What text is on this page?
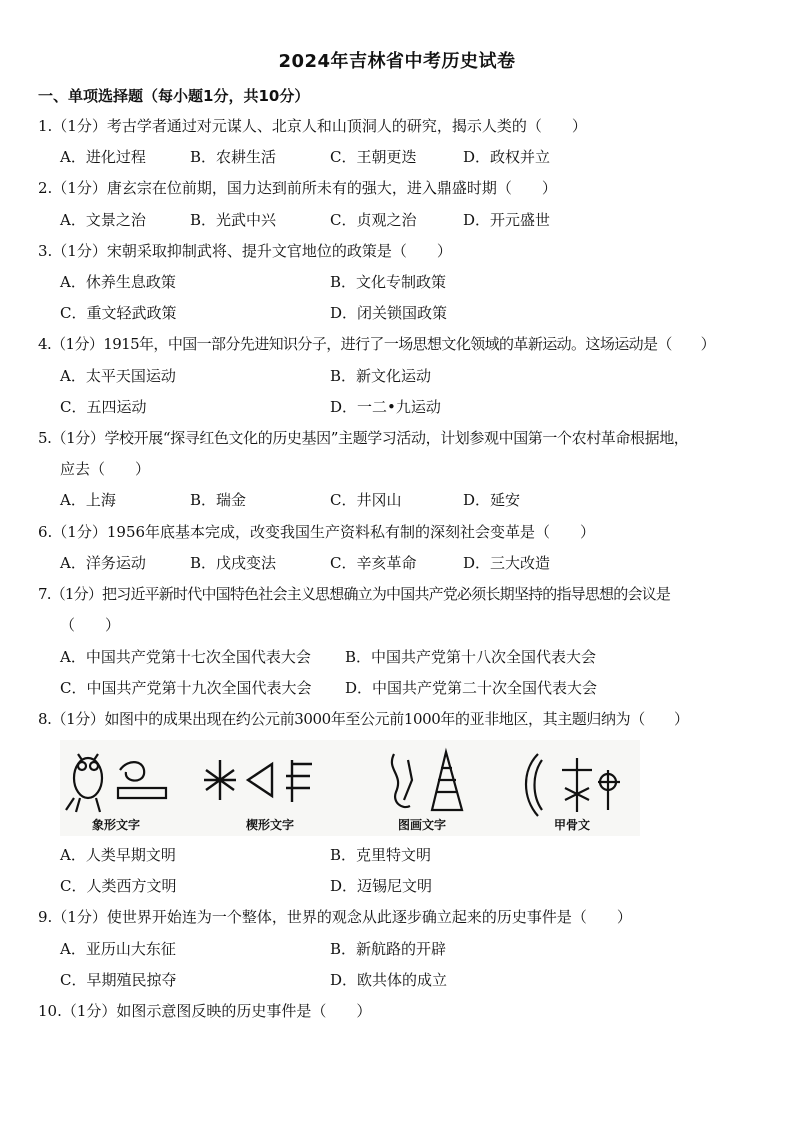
2024年吉林省中考历史试卷
一、单项选择题（每小题1分，共10分）
1.（1分）考古学者通过对元谋人、北京人和山顶洞人的研究，揭示人类的（　　）
A．进化过程	B．农耕生活	C．王朝更迭	D．政权并立
2.（1分）唐玄宗在位前期，国力达到前所未有的强大，进入鼎盛时期（　　）
A．文景之治	B．光武中兴	C．贞观之治	D．开元盛世
3.（1分）宋朝采取抑制武将、提升文官地位的政策是（　　）
A．休养生息政策	B．文化专制政策
C．重文轻武政策	D．闭关锁国政策
4.（1分）1915年，中国一部分先进知识分子，进行了一场思想文化领域的革新运动。这场运动是（　　）
A．太平天国运动	B．新文化运动
C．五四运动	D．一二•九运动
5.（1分）学校开展“探寻红色文化的历史基因”主题学习活动，计划参观中国第一个农村革命根据地，
应去（　　）
A．上海	B．瑞金	C．井冈山	D．延安
6.（1分）1956年底基本完成，改变我国生产资料私有制的深刻社会变革是（　　）
A．洋务运动	B．戊戌变法	C．辛亥革命	D．三大改造
7.（1分）把习近平新时代中国特色社会主义思想确立为中国共产党必须长期坚持的指导思想的会议是
（　　）
A．中国共产党第十七次全国代表大会 B．中国共产党第十八次全国代表大会
C．中国共产党第十九次全国代表大会 D．中国共产党第二十次全国代表大会
8.（1分）如图中的成果出现在约公元前3000年至公元前1000年的亚非地区，其主题归纳为（　　）
象形文字	楔形文字	图画文字	甲骨文
A．人类早期文明	B．克里特文明
C．人类西方文明	D．迈锡尼文明
9.（1分）使世界开始连为一个整体，世界的观念从此逐步确立起来的历史事件是（　　）
A．亚历山大东征	B．新航路的开辟
C．早期殖民掠夺	D．欧共体的成立
10.（1分）如图示意图反映的历史事件是（　　）
